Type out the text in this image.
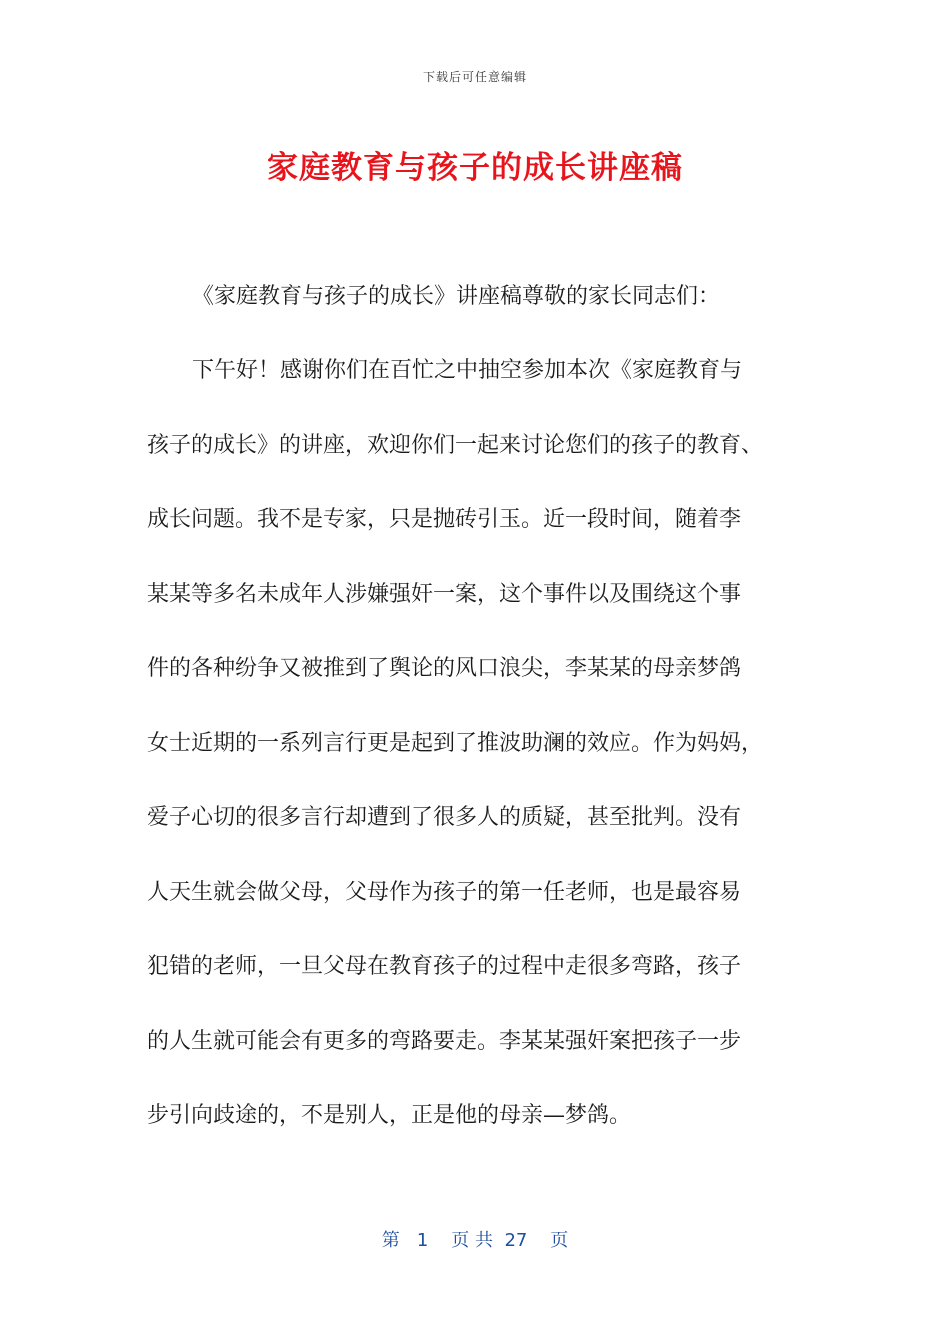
下载后可任意编辑
家庭教育与孩子的成长讲座稿
《家庭教育与孩子的成长》讲座稿尊敬的家长同志们：
下午好！感谢你们在百忙之中抽空参加本次《家庭教育与
孩子的成长》的讲座，欢迎你们一起来讨论您们的孩子的教育、
成长问题。我不是专家，只是抛砖引玉。近一段时间，随着李
某某等多名未成年人涉嫌强奸一案，这个事件以及围绕这个事
件的各种纷争又被推到了舆论的风口浪尖，李某某的母亲梦鸽
女士近期的一系列言行更是起到了推波助澜的效应。作为妈妈，
爱子心切的很多言行却遭到了很多人的质疑，甚至批判。没有
人天生就会做父母，父母作为孩子的第一任老师，也是最容易
犯错的老师，一旦父母在教育孩子的过程中走很多弯路，孩子
的人生就可能会有更多的弯路要走。李某某强奸案把孩子一步
步引向歧途的，不是别人，正是他的母亲—梦鸽。
第 1 页 共 27 页
